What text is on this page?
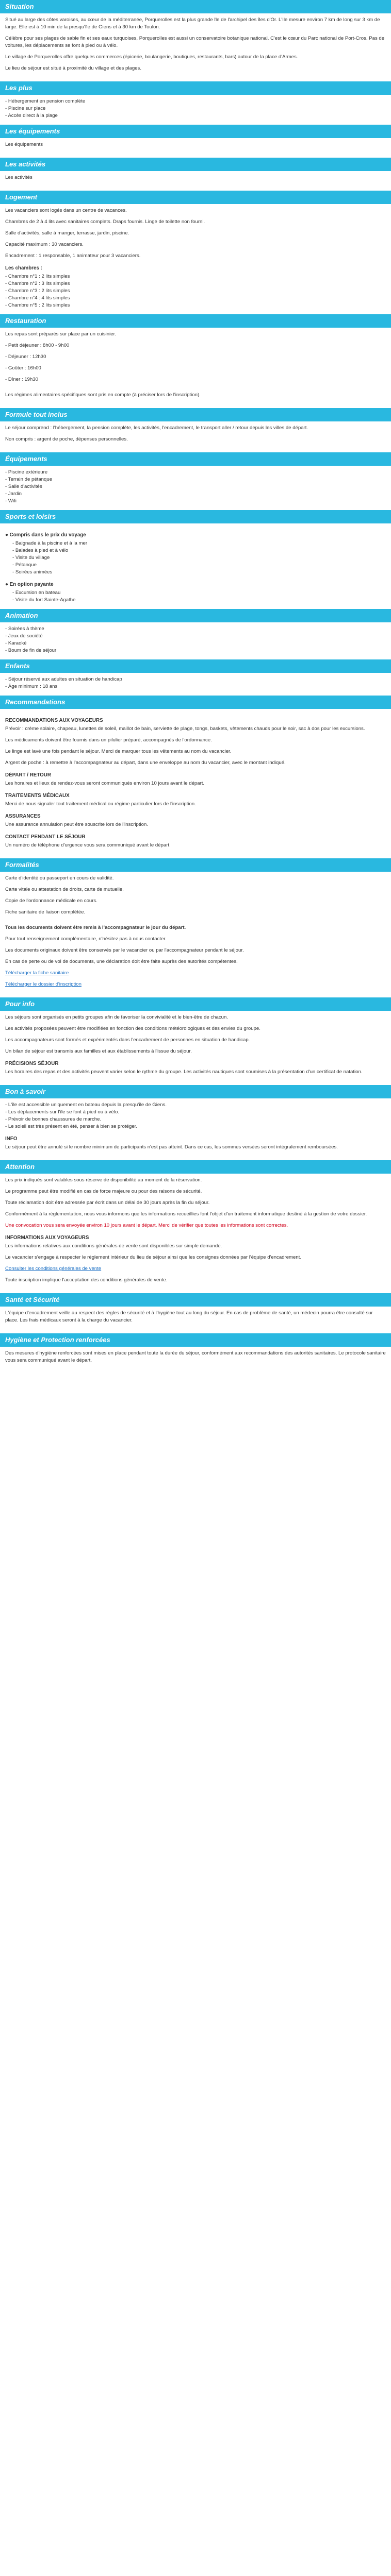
Situation

Situé au large des côtes varoises, au cœur de la méditerranée, Porquerolles est la plus grande île de l'archipel des îles d'Or. L'Ile mesure environ 7 km de long sur 3 km de large. Elle est à 10 min de la presqu'île de Giens et à 30 km de Toulon.

Célèbre pour ses plages de sable fin et ses eaux turquoises, Porquerolles est aussi un conservatoire botanique national. C'est le cœur du Parc national de Port-Cros. Pas de voitures, les déplacements se font à pied ou à vélo.

Le village de Porquerolles offre quelques commerces (épicerie, boulangerie, boutiques, restaurants, bars) autour de la place d'Armes.

Le lieu de séjour est situé à proximité du village et des plages.

Les plus
- Hébergement en pension complète
- Piscine sur place
- Accès direct à la plage
Les équipements

Les équipements

Les activités

Les activités

Logement

Les vacanciers sont logés dans un centre de vacances.

Chambres de 2 à 4 lits avec sanitaires complets. Draps fournis. Linge de toilette non fourni.

Salle d'activités, salle à manger, terrasse, jardin, piscine.

Capacité maximum : 30 vacanciers.

Encadrement : 1 responsable, 1 animateur pour 3 vacanciers.

Les chambres :
- Chambre n°1 : 2 lits simples
- Chambre n°2 : 3 lits simples
- Chambre n°3 : 2 lits simples
- Chambre n°4 : 4 lits simples
- Chambre n°5 : 2 lits simples
Restauration

Les repas sont préparés sur place par un cuisinier.

- Petit déjeuner : 8h00 - 9h00

- Déjeuner : 12h30

- Goûter : 16h00

- Dîner : 19h30

Les régimes alimentaires spécifiques sont pris en compte (à préciser lors de l'inscription).

Formule tout inclus

Le séjour comprend : l'hébergement, la pension complète, les activités, l'encadrement, le transport aller / retour depuis les villes de départ.

Non compris : argent de poche, dépenses personnelles.

Équipements
- Piscine extérieure
- Terrain de pétanque
- Salle d'activités
- Jardin
- Wifi
Sports et loisirs
● Compris dans le prix du voyage
- Baignade à la piscine et à la mer
- Balades à pied et à vélo
- Visite du village
- Pétanque
- Soirées animées
● En option payante
- Excursion en bateau
- Visite du fort Sainte-Agathe
Animation
- Soirées à thème
- Jeux de société
- Karaoké
- Boum de fin de séjour
Enfants
- Séjour réservé aux adultes en situation de handicap
- Âge minimum : 18 ans
Recommandations
RECOMMANDATIONS AUX VOYAGEURS

Prévoir : crème solaire, chapeau, lunettes de soleil, maillot de bain, serviette de plage, tongs, baskets, vêtements chauds pour le soir, sac à dos pour les excursions.

Les médicaments doivent être fournis dans un pilulier préparé, accompagnés de l'ordonnance.

Le linge est lavé une fois pendant le séjour. Merci de marquer tous les vêtements au nom du vacancier.

Argent de poche : à remettre à l'accompagnateur au départ, dans une enveloppe au nom du vacancier, avec le montant indiqué.

DÉPART / RETOUR

Les horaires et lieux de rendez-vous seront communiqués environ 10 jours avant le départ.

TRAITEMENTS MÉDICAUX

Merci de nous signaler tout traitement médical ou régime particulier lors de l'inscription.

ASSURANCES

Une assurance annulation peut être souscrite lors de l'inscription.

CONTACT PENDANT LE SÉJOUR

Un numéro de téléphone d'urgence vous sera communiqué avant le départ.

Formalités

Carte d'identité ou passeport en cours de validité.

Carte vitale ou attestation de droits, carte de mutuelle.

Copie de l'ordonnance médicale en cours.

Fiche sanitaire de liaison complétée.

Tous les documents doivent être remis à l'accompagnateur le jour du départ.

Pour tout renseignement complémentaire, n'hésitez pas à nous contacter.

Les documents originaux doivent être conservés par le vacancier ou par l'accompagnateur pendant le séjour.

En cas de perte ou de vol de documents, une déclaration doit être faite auprès des autorités compétentes.

Télécharger la fiche sanitaire

Télécharger le dossier d'inscription

Pour info

Les séjours sont organisés en petits groupes afin de favoriser la convivialité et le bien-être de chacun.

Les activités proposées peuvent être modifiées en fonction des conditions météorologiques et des envies du groupe.

Les accompagnateurs sont formés et expérimentés dans l'encadrement de personnes en situation de handicap.

Un bilan de séjour est transmis aux familles et aux établissements à l'issue du séjour.

PRÉCISIONS SÉJOUR

Les horaires des repas et des activités peuvent varier selon le rythme du groupe. Les activités nautiques sont soumises à la présentation d'un certificat de natation.

Bon à savoir
- L'île est accessible uniquement en bateau depuis la presqu'île de Giens.
- Les déplacements sur l'île se font à pied ou à vélo.
- Prévoir de bonnes chaussures de marche.
- Le soleil est très présent en été, penser à bien se protéger.
INFO

Le séjour peut être annulé si le nombre minimum de participants n'est pas atteint. Dans ce cas, les sommes versées seront intégralement remboursées.

Attention

Les prix indiqués sont valables sous réserve de disponibilité au moment de la réservation.

Le programme peut être modifié en cas de force majeure ou pour des raisons de sécurité.

Toute réclamation doit être adressée par écrit dans un délai de 30 jours après la fin du séjour.

Conformément à la réglementation, nous vous informons que les informations recueillies font l'objet d'un traitement informatique destiné à la gestion de votre dossier.

Une convocation vous sera envoyée environ 10 jours avant le départ. Merci de vérifier que toutes les informations sont correctes.

INFORMATIONS AUX VOYAGEURS

Les informations relatives aux conditions générales de vente sont disponibles sur simple demande.

Le vacancier s'engage à respecter le règlement intérieur du lieu de séjour ainsi que les consignes données par l'équipe d'encadrement.

Consulter les conditions générales de vente

Toute inscription implique l'acceptation des conditions générales de vente.

Santé et Sécurité

L'équipe d'encadrement veille au respect des règles de sécurité et à l'hygiène tout au long du séjour. En cas de problème de santé, un médecin pourra être consulté sur place. Les frais médicaux seront à la charge du vacancier.

Hygiène et Protection renforcées

Des mesures d'hygiène renforcées sont mises en place pendant toute la durée du séjour, conformément aux recommandations des autorités sanitaires. Le protocole sanitaire vous sera communiqué avant le départ.
